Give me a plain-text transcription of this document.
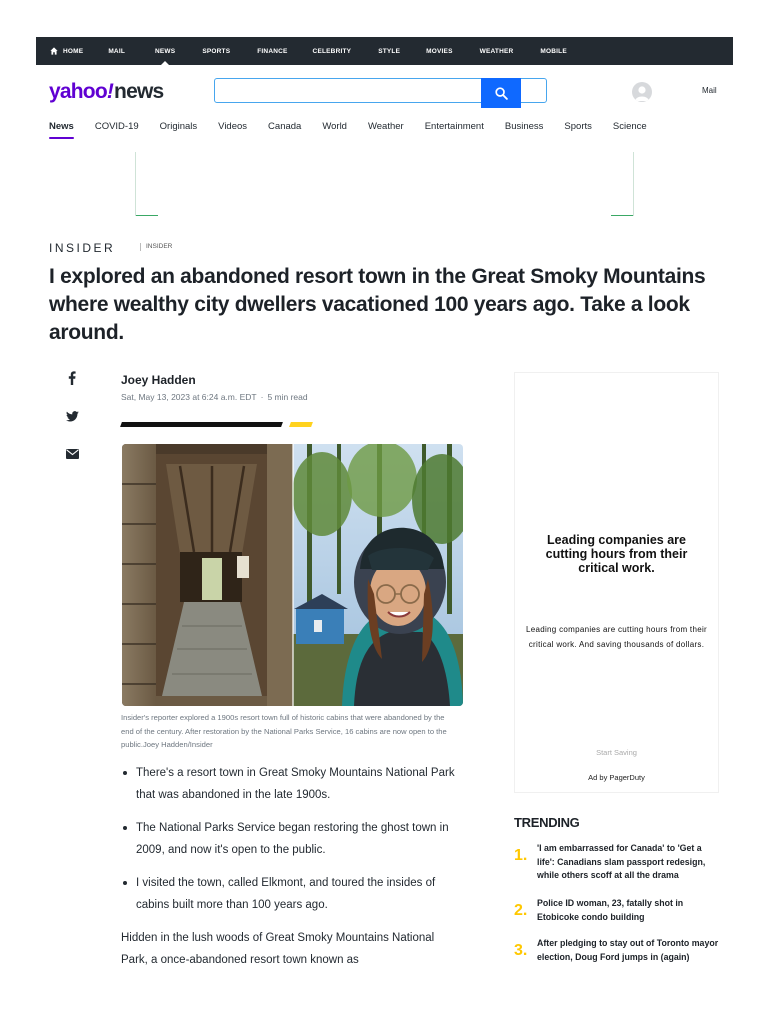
HOME	MAIL	NEWS	SPORTS	FINANCE	CELEBRITY	STYLE	MOVIES	WEATHER	MOBILE
yahoo!news	Mail
News COVID-19 Originals Videos Canada World Weather Entertainment Business Sports Science
INSIDER	INSIDER
I explored an abandoned resort town in the Great Smoky Mountains where wealthy city dwellers vacationed 100 years ago. Take a look around.
Joey Hadden
Sat, May 13, 2023 at 6:24 a.m. EDT · 5 min read

Insider's reporter explored a 1900s resort town full of historic cabins that were abandoned by the end of the century. After restoration by the National Parks Service, 16 cabins are now open to the public.Joey Hadden/Insider

There's a resort town in Great Smoky Mountains National Park that was abandoned in the late 1900s.
The National Parks Service began restoring the ghost town in 2009, and now it's open to the public.
I visited the town, called Elkmont, and toured the insides of cabins built more than 100 years ago.

Hidden in the lush woods of Great Smoky Mountains National Park, a once-abandoned resort town known as

Leading companies are cutting hours from their critical work.
Leading companies are cutting hours from their critical work. And saving thousands of dollars.
Start Saving
Ad by PagerDuty
TRENDING
1.	'I am embarrassed for Canada' to 'Get a life': Canadians slam passport redesign, while others scoff at all the drama
2.	Police ID woman, 23, fatally shot in Etobicoke condo building
3.	After pledging to stay out of Toronto mayor election, Doug Ford jumps in (again)
